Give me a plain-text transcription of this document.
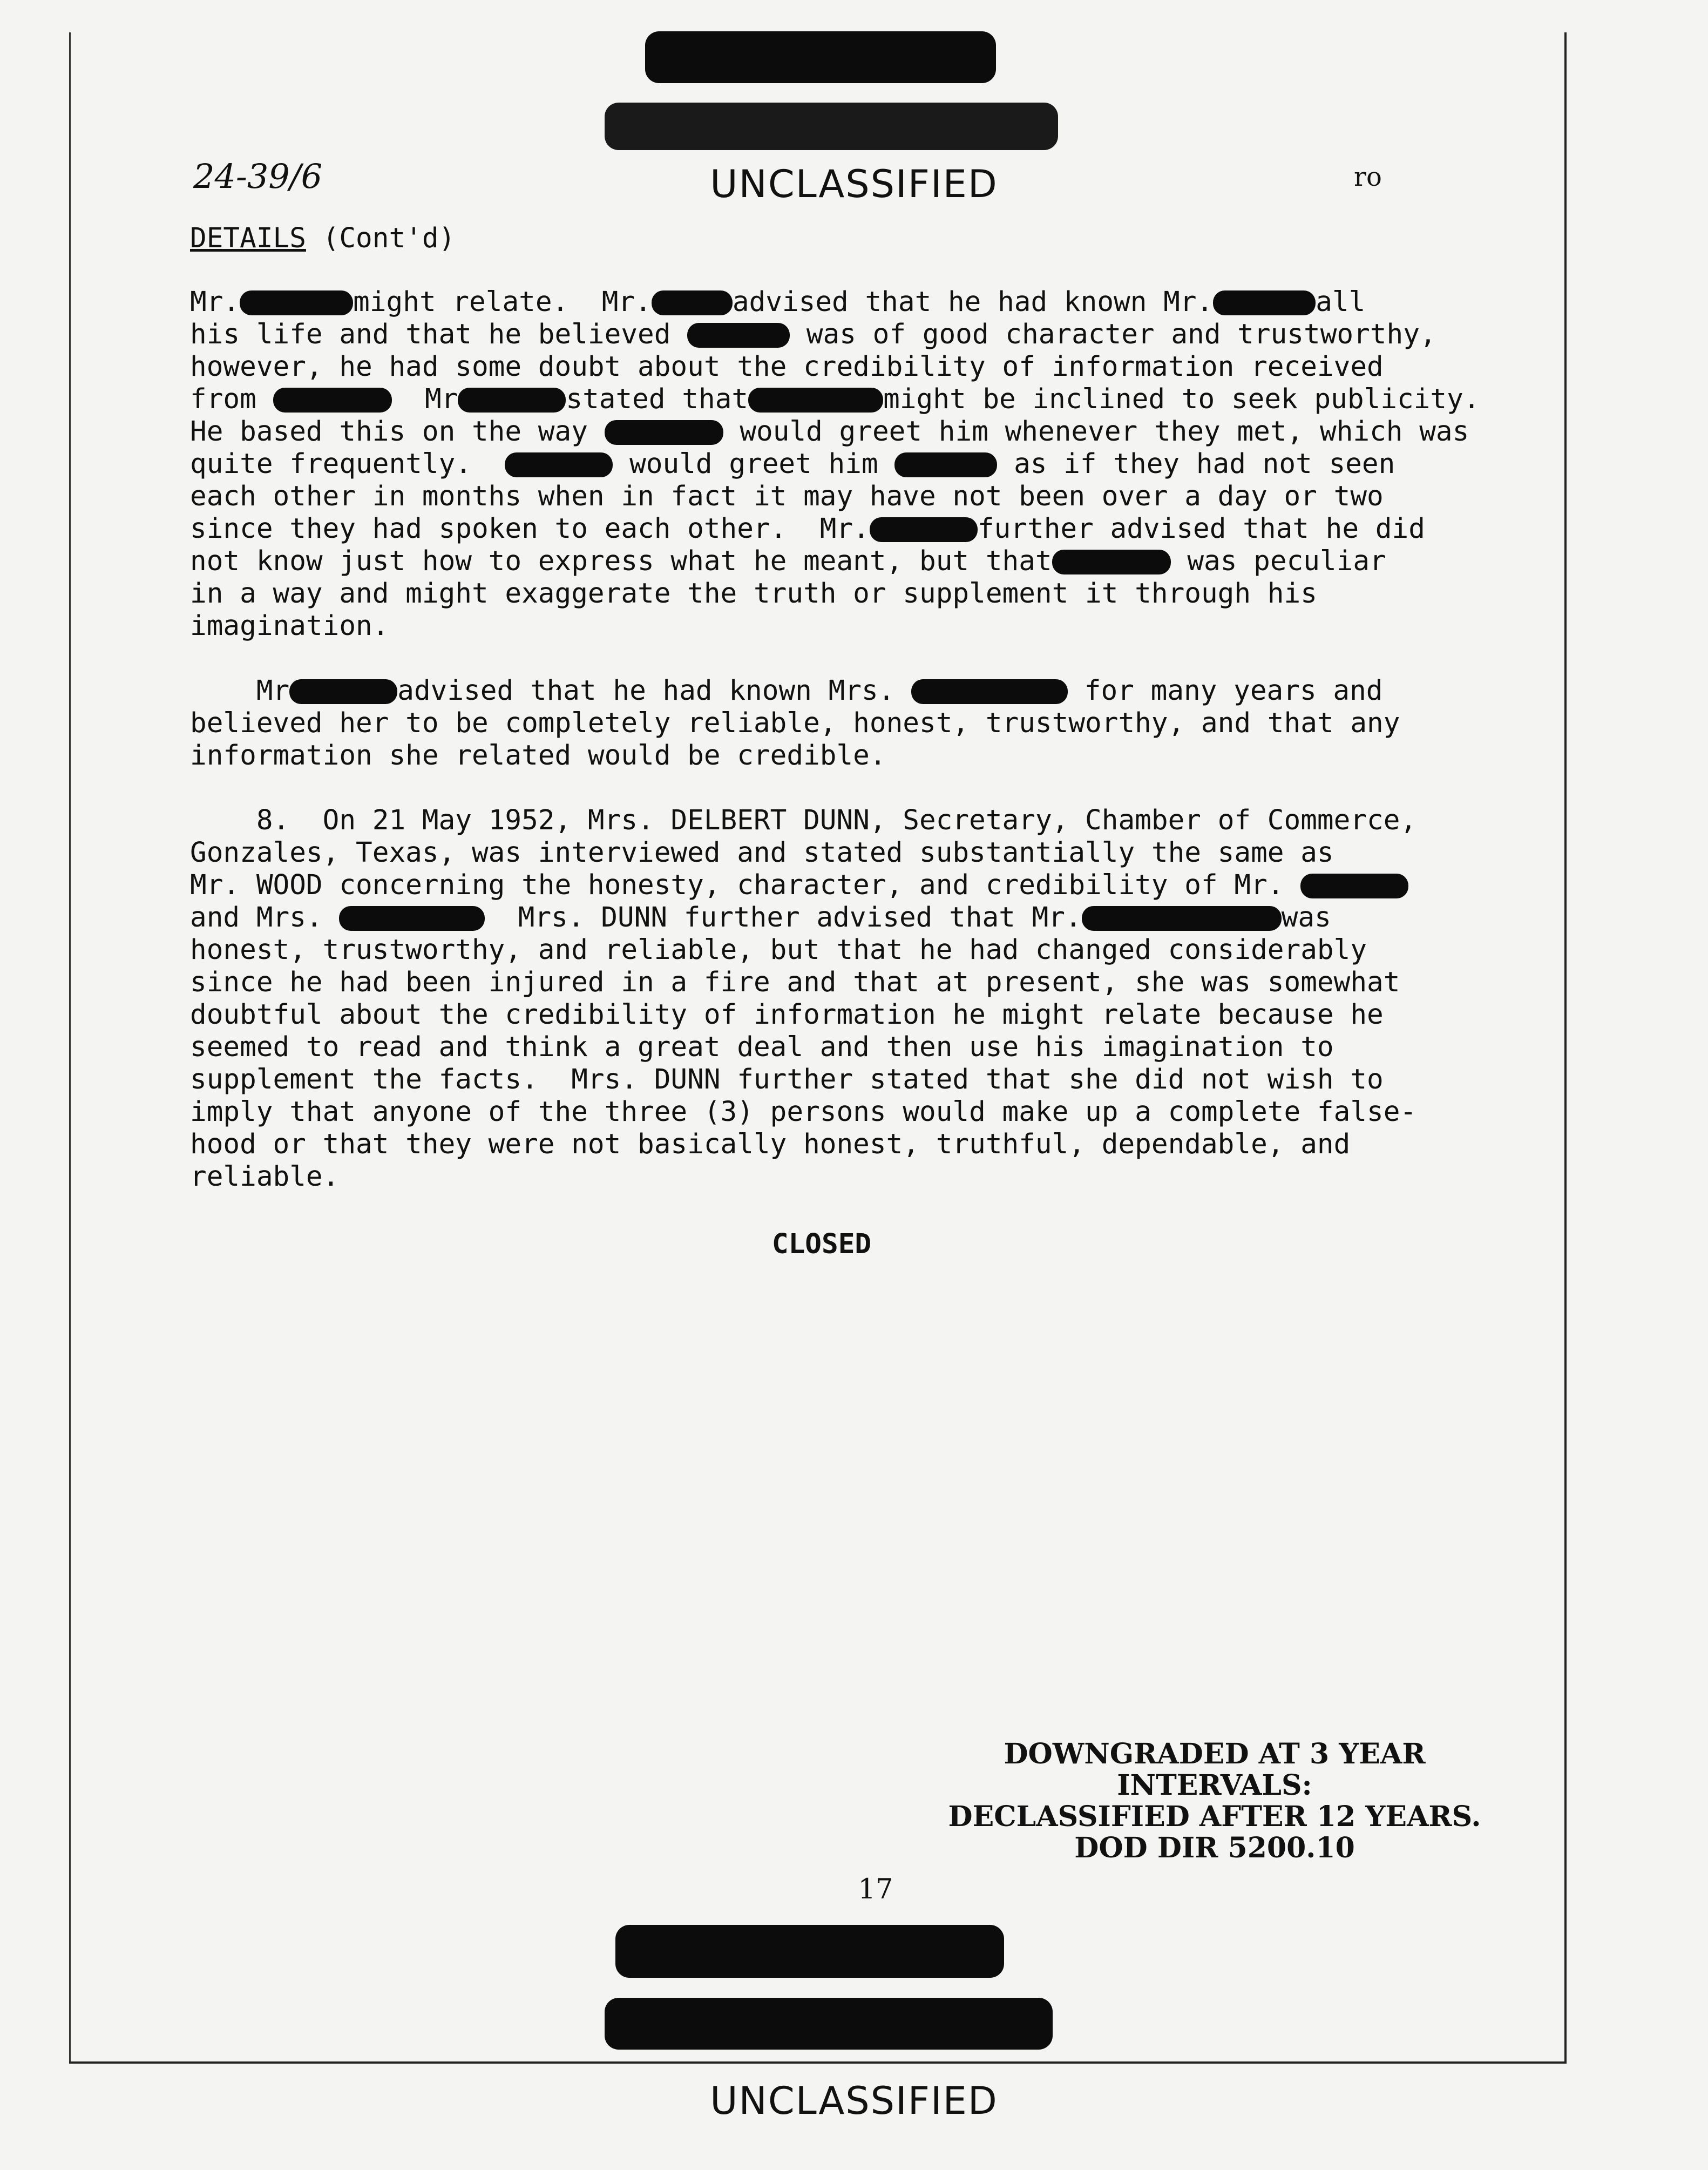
24-39/6	UNCLASSIFIED	ro
DETAILS (Cont'd)
Mr.	might relate.  Mr.	advised that he had known Mr.	all
his life and that he believed	was of good character and trustworthy,
however, he had some doubt about the credibility of information received
from	Mr	stated that	might be inclined to seek publicity.
He based this on the way	would greet him whenever they met, which was
quite frequently.	would greet him	as if they had not seen
each other in months when in fact it may have not been over a day or two
since they had spoken to each other.  Mr.	further advised that he did
not know just how to express what he meant, but that	was peculiar
in a way and might exaggerate the truth or supplement it through his
imagination.
Mr	advised that he had known Mrs.	for many years and
believed her to be completely reliable, honest, trustworthy, and that any
information she related would be credible.
8.  On 21 May 1952, Mrs. DELBERT DUNN, Secretary, Chamber of Commerce,
Gonzales, Texas, was interviewed and stated substantially the same as
Mr. WOOD concerning the honesty, character, and credibility of Mr.
and Mrs.	Mrs. DUNN further advised that Mr.	was
honest, trustworthy, and reliable, but that he had changed considerably
since he had been injured in a fire and that at present, she was somewhat
doubtful about the credibility of information he might relate because he
seemed to read and think a great deal and then use his imagination to
supplement the facts.  Mrs. DUNN further stated that she did not wish to
imply that anyone of the three (3) persons would make up a complete false-
hood or that they were not basically honest, truthful, dependable, and
reliable.
CLOSED
DOWNGRADED AT 3 YEAR INTERVALS:
DECLASSIFIED AFTER 12 YEARS.
DOD DIR 5200.10
17
UNCLASSIFIED
